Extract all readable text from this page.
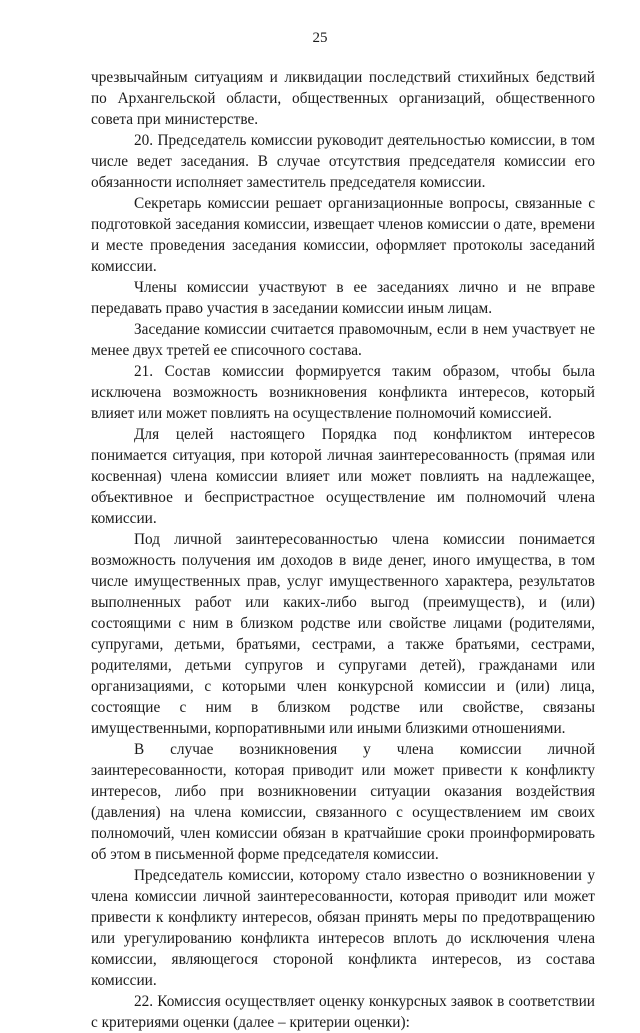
25

чрезвычайным ситуациям и ликвидации последствий стихийных бедствий по Архангельской области, общественных организаций, общественного совета при министерстве.

20. Председатель комиссии руководит деятельностью комиссии, в том числе ведет заседания. В случае отсутствия председателя комиссии его обязанности исполняет заместитель председателя комиссии.

Секретарь комиссии решает организационные вопросы, связанные с подготовкой заседания комиссии, извещает членов комиссии о дате, времени и месте проведения заседания комиссии, оформляет протоколы заседаний комиссии.

Члены комиссии участвуют в ее заседаниях лично и не вправе передавать право участия в заседании комиссии иным лицам.

Заседание комиссии считается правомочным, если в нем участвует не менее двух третей ее списочного состава.

21. Состав комиссии формируется таким образом, чтобы была исключена возможность возникновения конфликта интересов, который влияет или может повлиять на осуществление полномочий комиссией.

Для целей настоящего Порядка под конфликтом интересов понимается ситуация, при которой личная заинтересованность (прямая или косвенная) члена комиссии влияет или может повлиять на надлежащее, объективное и беспристрастное осуществление им полномочий члена комиссии.

Под личной заинтересованностью члена комиссии понимается возможность получения им доходов в виде денег, иного имущества, в том числе имущественных прав, услуг имущественного характера, результатов выполненных работ или каких-либо выгод (преимуществ), и (или) состоящими с ним в близком родстве или свойстве лицами (родителями, супругами, детьми, братьями, сестрами, а также братьями, сестрами, родителями, детьми супругов и супругами детей), гражданами или организациями, с которыми член конкурсной комиссии и (или) лица, состоящие с ним в близком родстве или свойстве, связаны имущественными, корпоративными или иными близкими отношениями.

В случае возникновения у члена комиссии личной заинтересованности, которая приводит или может привести к конфликту интересов, либо при возникновении ситуации оказания воздействия (давления) на члена комиссии, связанного с осуществлением им своих полномочий, член комиссии обязан в кратчайшие сроки проинформировать об этом в письменной форме председателя комиссии.

Председатель комиссии, которому стало известно о возникновении у члена комиссии личной заинтересованности, которая приводит или может привести к конфликту интересов, обязан принять меры по предотвращению или урегулированию конфликта интересов вплоть до исключения члена комиссии, являющегося стороной конфликта интересов, из состава комиссии.

22. Комиссия осуществляет оценку конкурсных заявок в соответствии с критериями оценки (далее – критерии оценки):
